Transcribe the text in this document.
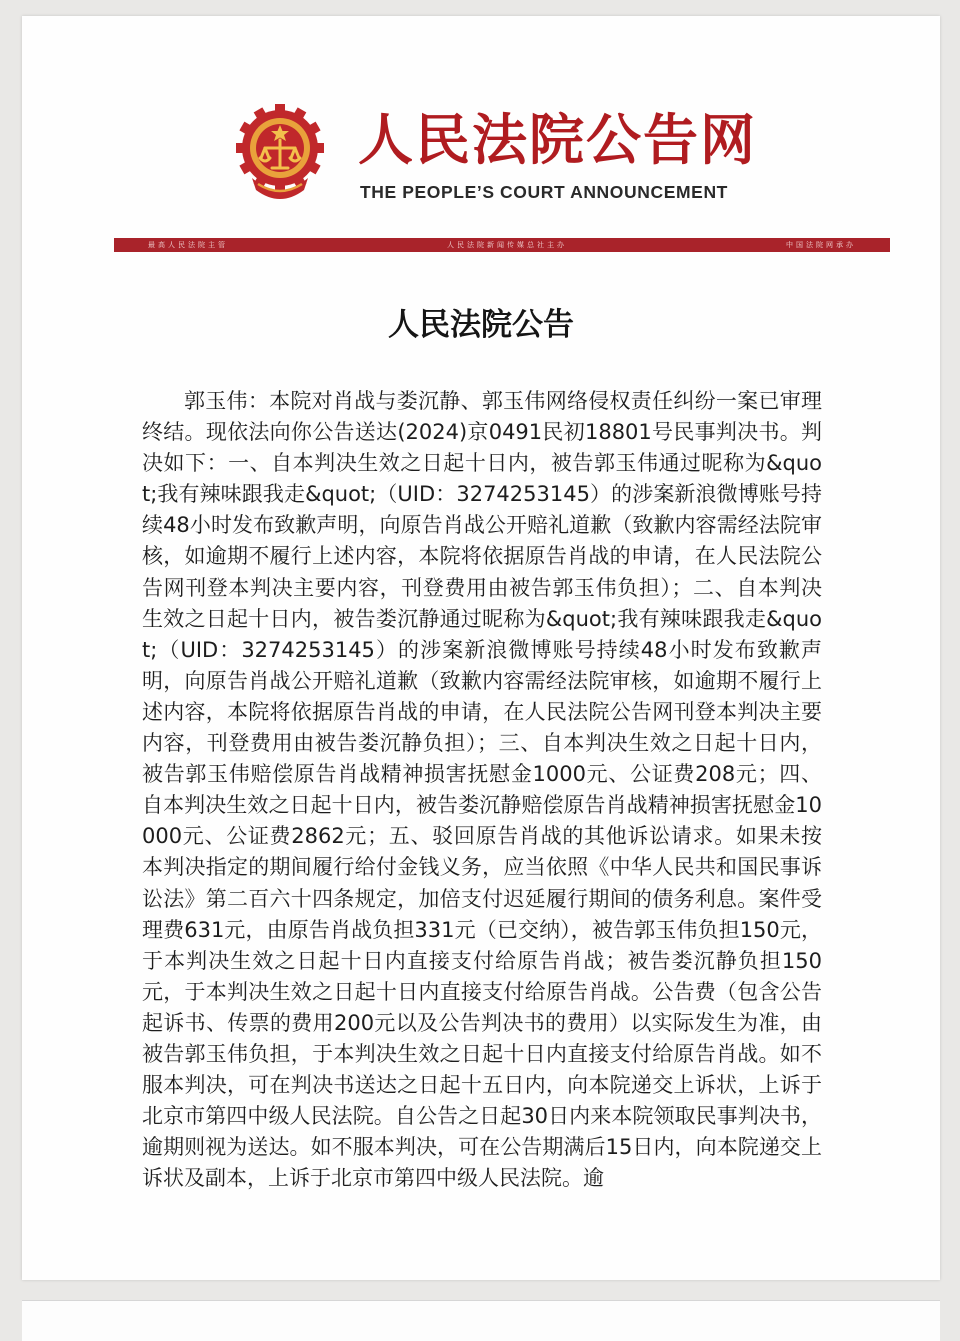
人民法院公告网
THE PEOPLE’S COURT ANNOUNCEMENT
最高人民法院主管	人民法院新闻传媒总社主办	中国法院网承办
人民法院公告

郭玉伟：本院对肖战与娄沉静、郭玉伟网络侵权责任纠纷一案已审理终结。现依法向你公告送达(2024)京0491民初18801号民事判决书。判决如下：一、自本判决生效之日起十日内，被告郭玉伟通过昵称为&quot;我有辣味跟我走&quot;（UID：3274253145）的涉案新浪微博账号持续48小时发布致歉声明，向原告肖战公开赔礼道歉（致歉内容需经法院审核，如逾期不履行上述内容，本院将依据原告肖战的申请，在人民法院公告网刊登本判决主要内容，刊登费用由被告郭玉伟负担）；二、自本判决生效之日起十日内，被告娄沉静通过昵称为&quot;我有辣味跟我走&quot;（UID：3274253145）的涉案新浪微博账号持续48小时发布致歉声明，向原告肖战公开赔礼道歉（致歉内容需经法院审核，如逾期不履行上述内容，本院将依据原告肖战的申请，在人民法院公告网刊登本判决主要内容，刊登费用由被告娄沉静负担）；三、自本判决生效之日起十日内，被告郭玉伟赔偿原告肖战精神损害抚慰金1000元、公证费208元；四、自本判决生效之日起十日内，被告娄沉静赔偿原告肖战精神损害抚慰金10000元、公证费2862元；五、驳回原告肖战的其他诉讼请求。如果未按本判决指定的期间履行给付金钱义务，应当依照《中华人民共和国民事诉讼法》第二百六十四条规定，加倍支付迟延履行期间的债务利息。案件受理费631元，由原告肖战负担331元（已交纳），被告郭玉伟负担150元，于本判决生效之日起十日内直接支付给原告肖战；被告娄沉静负担150元，于本判决生效之日起十日内直接支付给原告肖战。公告费（包含公告起诉书、传票的费用200元以及公告判决书的费用）以实际发生为准，由被告郭玉伟负担，于本判决生效之日起十日内直接支付给原告肖战。如不服本判决，可在判决书送达之日起十五日内，向本院递交上诉状，上诉于北京市第四中级人民法院。自公告之日起30日内来本院领取民事判决书，逾期则视为送达。如不服本判决，可在公告期满后15日内，向本院递交上诉状及副本，上诉于北京市第四中级人民法院。逾
